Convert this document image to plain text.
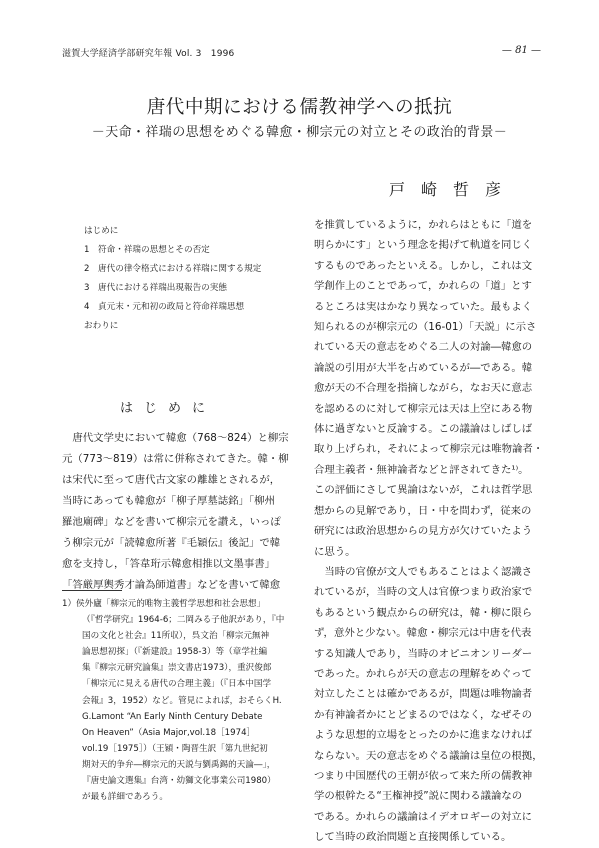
滋賀大学経済学部研究年報 Vol. 3　1996	— 81 —
唐代中期における儒教神学への抵抗
－天命・祥瑞の思想をめぐる韓愈・柳宗元の対立とその政治的背景－
戸崎哲彦
はじめに
1　符命・祥瑞の思想とその否定
2　唐代の律令格式における祥瑞に関する規定
3　唐代における祥瑞出現報告の実態
4　貞元末・元和初の政局と符命祥瑞思想
おわりに
はじめに
　唐代文学史において韓愈（768～824）と柳宗
元（773～819）は常に併称されてきた。韓・柳
は宋代に至って唐代古文家の離雄とされるが，
当時にあっても韓愈が「柳子厚墓誌銘」「柳州
羅池廟碑」などを書いて柳宗元を讃え，いっぽ
う柳宗元が「読韓愈所著『毛穎伝』後記」で韓
愈を支持し，「答韋珩示韓愈相推以文墨事書」
「答厳厚輿秀才論為師道書」などを書いて韓愈
1）侯外廬「柳宗元的唯物主義哲学思想和社会思想」
（『哲学研究』1964-6；二岡みる子他訳があり，『中
国の文化と社会』11所収），呉文治「柳宗元無神
論思想初探」（『新建設』1958-3）等（章学社編
集『柳宗元研究論集』崇文書店1973），重沢俊郎
「柳宗元に見える唐代の合理主義」（『日本中国学
会報』3，1952）など。管見によれば，おそらくH.
G.Lamont “An Early Ninth Century Debate
On Heaven”（Asia Major,vol.18［1974］
vol.19［1975］）（王穎・陶晋生訳「第九世紀初
期対天的争弁―柳宗元的天説与劉禹錫的天論―」，
『唐史論文選集』台湾・幼獅文化事業公司1980）
が最も詳細であろう。
を推賞しているように，かれらはともに「道を
明らかにす」という理念を掲げて軌道を同じく
するものであったといえる。しかし，これは文
学創作上のことであって，かれらの「道」とす
るところは実はかなり異なっていた。最もよく
知られるのが柳宗元の（16-01）「天説」に示さ
れている天の意志をめぐる二人の対論―韓愈の
論説の引用が大半を占めているが―である。韓
愈が天の不合理を指摘しながら，なお天に意志
を認めるのに対して柳宗元は天は上空にある物
体に過ぎないと反論する。この議論はしばしば
取り上げられ，それによって柳宗元は唯物論者・
合理主義者・無神論者などと評されてきた¹⁾。
この評価にさして異論はないが，これは哲学思
想からの見解であり，日・中を問わず，従来の
研究には政治思想からの見方が欠けていたよう
に思う。
　当時の官僚が文人でもあることはよく認識さ
れているが，当時の文人は官僚つまり政治家で
もあるという観点からの研究は，韓・柳に限ら
ず，意外と少ない。韓愈・柳宗元は中唐を代表
する知識人であり，当時のオピニオンリーダー
であった。かれらが天の意志の理解をめぐって
対立したことは確かであるが，問題は唯物論者
か有神論者かにとどまるのではなく，なぜその
ような思想的立場をとったのかに進まなければ
ならない。天の意志をめぐる議論は皇位の根拠，
つまり中国歴代の王朝が依って来た所の儒教神
学の根幹たる“王権神授”説に関わる議論なの
である。かれらの議論はイデオロギーの対立に
して当時の政治問題と直接関係している。
